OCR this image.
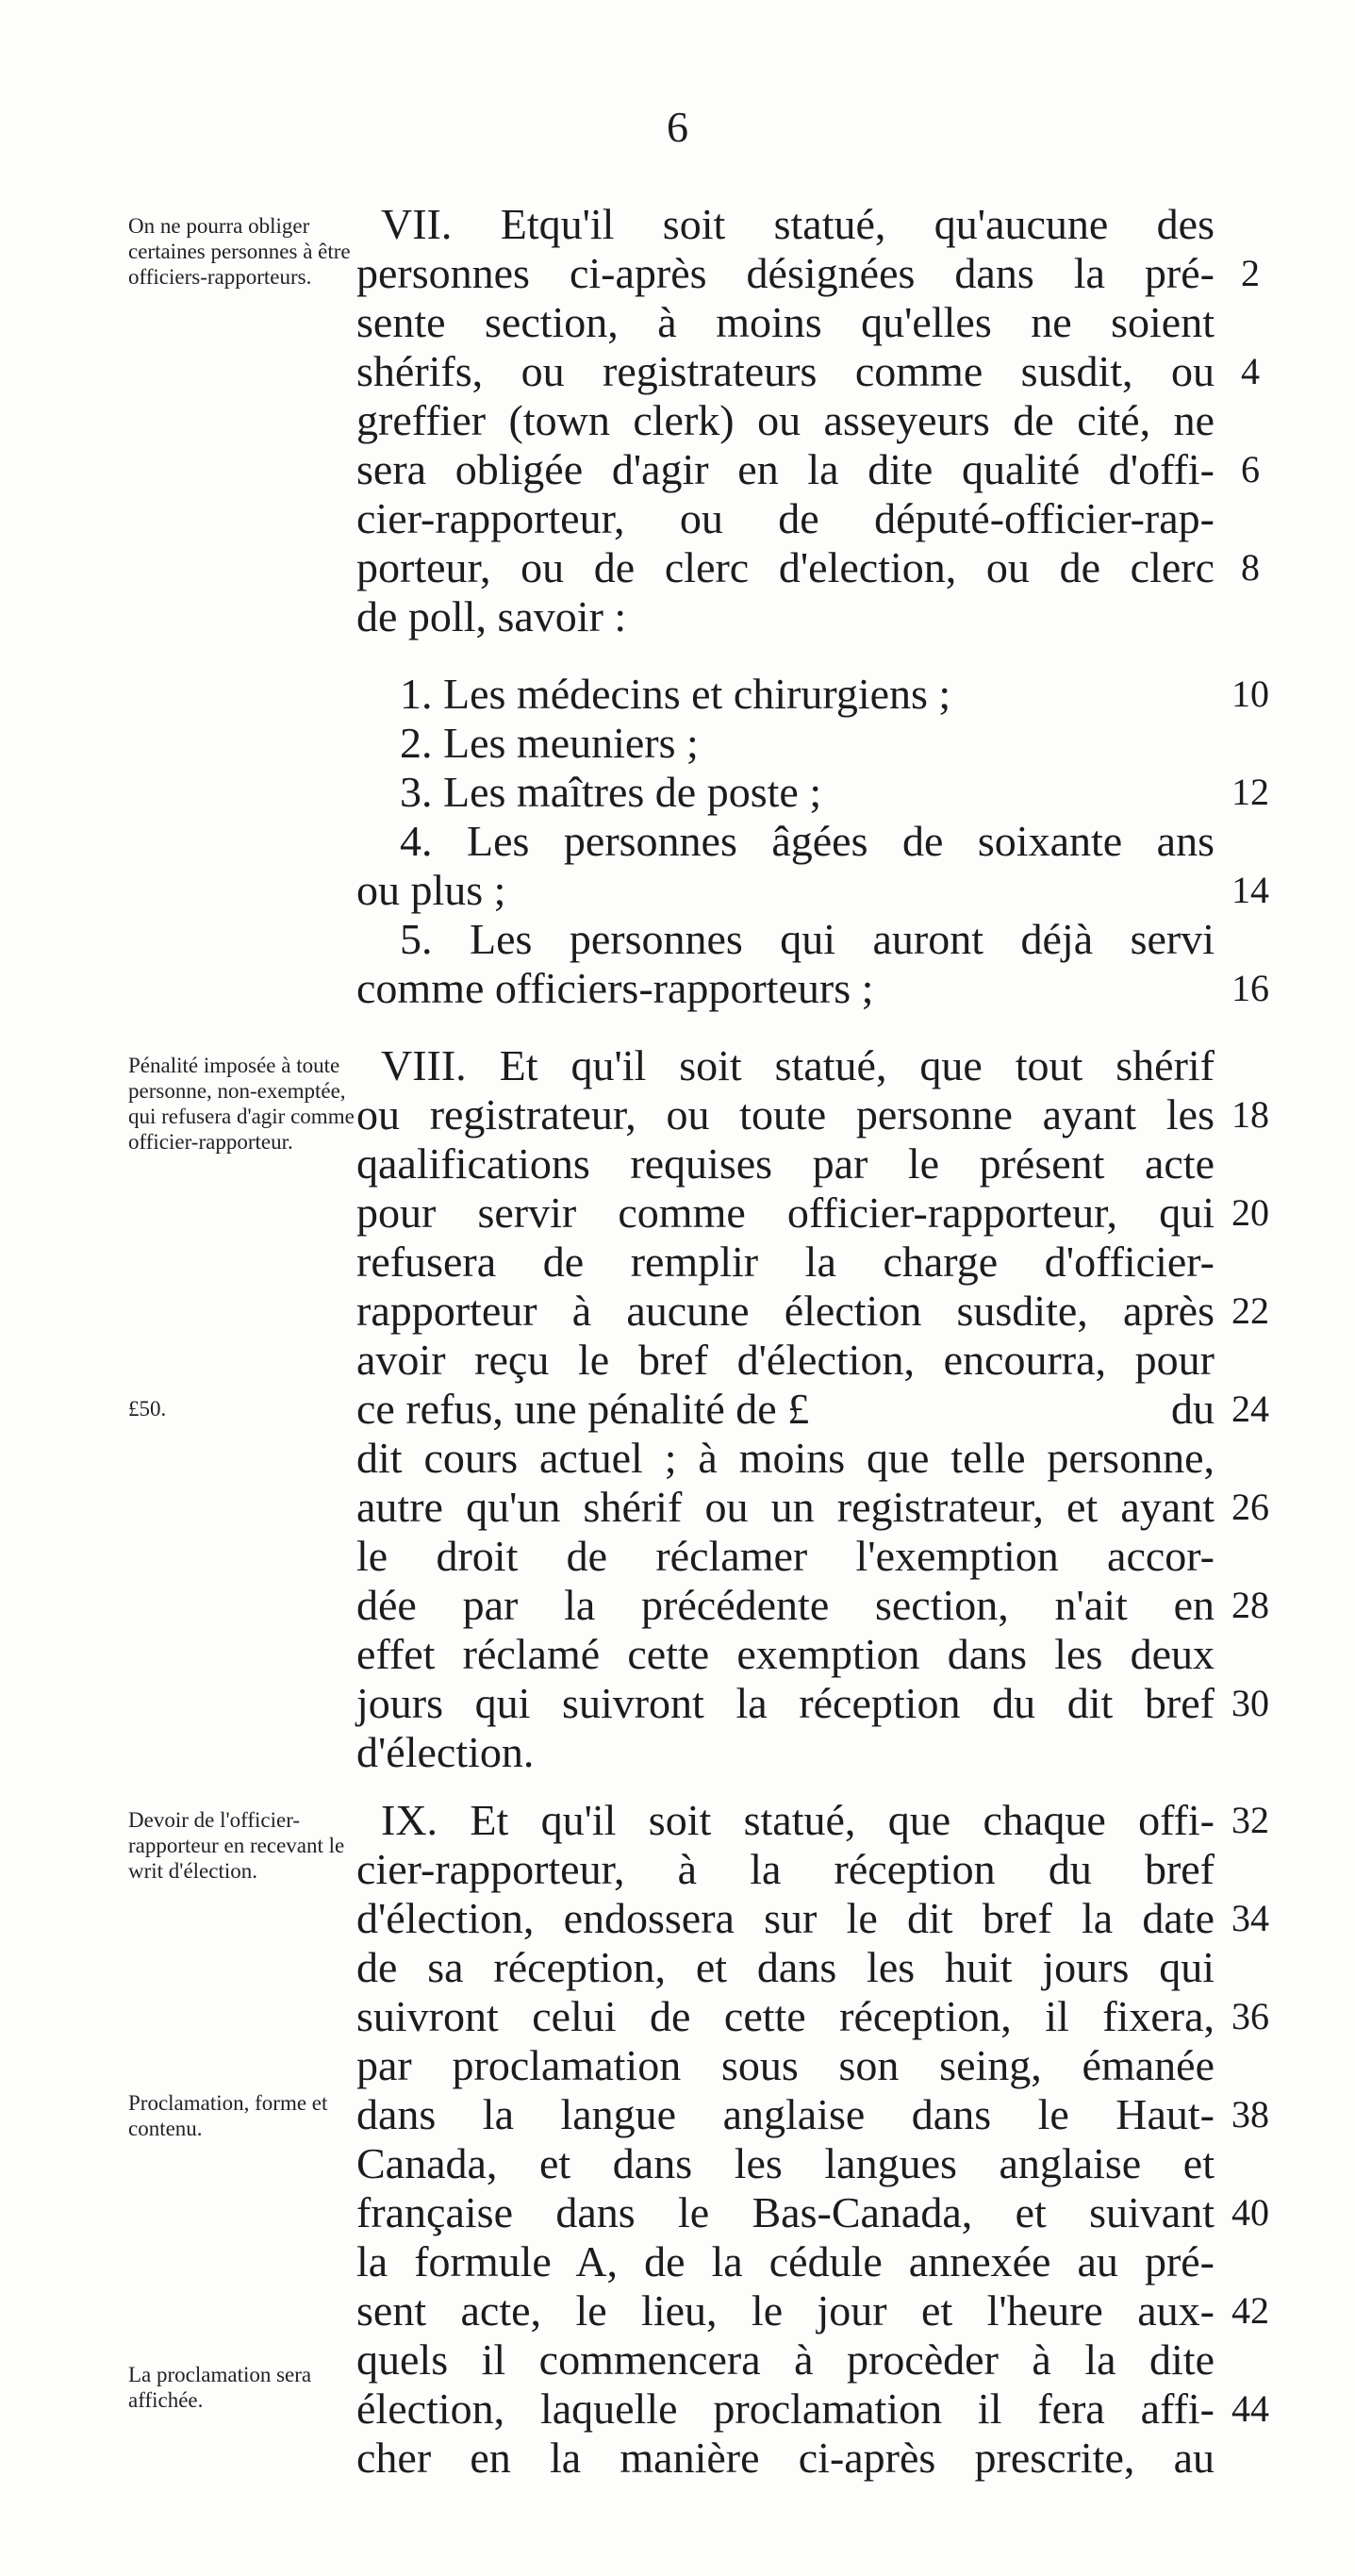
6
On ne pourra obliger certaines personnes à être officiers-rapporteurs.
Pénalité imposée à toute personne, non-exemptée, qui refusera d'agir comme officier-rapporteur.
£50.
Devoir de l'officier-rapporteur en recevant le writ d'élection.
Proclamation, forme et contenu.
La proclamation sera affichée.
VII. Etqu'il soit statué, qu'aucune des
personnes ci-après désignées dans la pré-
sente section, à moins qu'elles ne soient
shérifs, ou registrateurs comme susdit, ou
greffier (town clerk) ou asseyeurs de cité, ne
sera obligée d'agir en la dite qualité d'offi-
cier-rapporteur, ou de député-officier-rap-
porteur, ou de clerc d'election, ou de clerc
de poll, savoir :
1. Les médecins et chirurgiens ;
2. Les meuniers ;
3. Les maîtres de poste ;
4. Les personnes âgées de soixante ans
ou plus ;
5. Les personnes qui auront déjà servi
comme officiers-rapporteurs ;
VIII. Et qu'il soit statué, que tout shérif
ou registrateur, ou toute personne ayant les
qaalifications requises par le présent acte
pour servir comme officier-rapporteur, qui
refusera de remplir la charge d'officier-
rapporteur à aucune élection susdite, après
avoir reçu le bref d'élection, encourra, pour
ce refus, une pénalité de £	du
dit cours actuel ; à moins que telle personne,
autre qu'un shérif ou un registrateur, et ayant
le droit de réclamer l'exemption accor-
dée par la précédente section, n'ait en
effet réclamé cette exemption dans les deux
jours qui suivront la réception du dit bref
d'élection.
IX. Et qu'il soit statué, que chaque offi-
cier-rapporteur, à la réception du bref
d'élection, endossera sur le dit bref la date
de sa réception, et dans les huit jours qui
suivront celui de cette réception, il fixera,
par proclamation sous son seing, émanée
dans la langue anglaise dans le Haut-
Canada, et dans les langues anglaise et
française dans le Bas-Canada, et suivant
la formule A, de la cédule annexée au pré-
sent acte, le lieu, le jour et l'heure aux-
quels il commencera à procèder à la dite
élection, laquelle proclamation il fera affi-
cher en la manière ci-après prescrite, au
2
4
6
8
10
12
14
16
18
20
22
24
26
28
30
32
34
36
38
40
42
44
